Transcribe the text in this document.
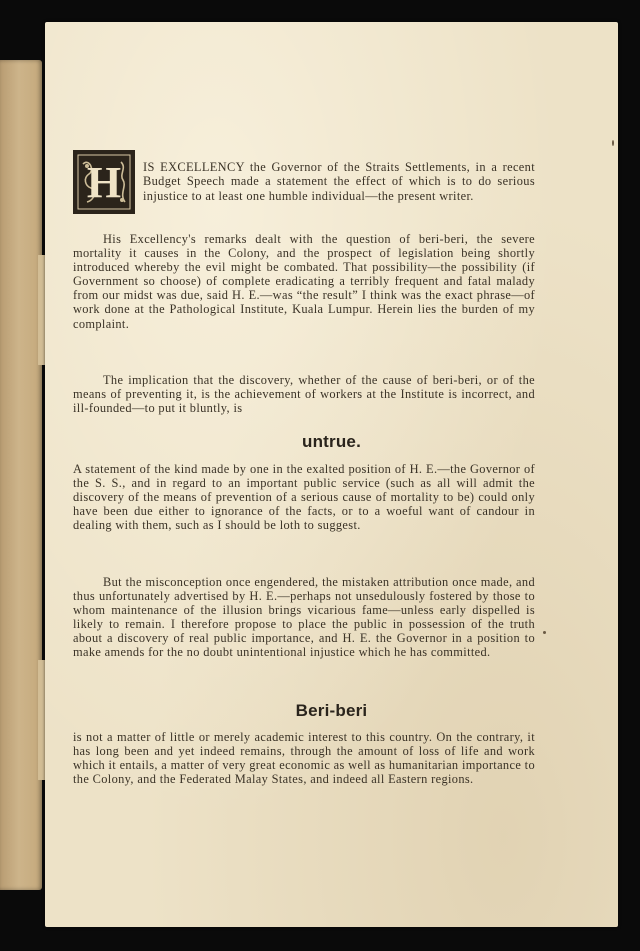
H IS EXCELLENCY the Governor of the Straits Settlements, in a recent Budget Speech made a statement the effect of which is to do serious injustice to at least one humble individual—the present writer.

His Excellency's remarks dealt with the question of beri-beri, the severe mortality it causes in the Colony, and the prospect of legislation being shortly introduced whereby the evil might be combated. That possibility—the possibility (if Government so choose) of complete eradicating a terribly frequent and fatal malady from our midst was due, said H. E.—was “the result” I think was the exact phrase—of work done at the Pathological Institute, Kuala Lumpur. Herein lies the burden of my complaint.

The implication that the discovery, whether of the cause of beri-beri, or of the means of preventing it, is the achievement of workers at the Institute is incorrect, and ill-founded—to put it bluntly, is

untrue.

A statement of the kind made by one in the exalted position of H. E.—the Governor of the S. S., and in regard to an important public service (such as all will admit the discovery of the means of prevention of a serious cause of mortality to be) could only have been due either to ignorance of the facts, or to a woeful want of candour in dealing with them, such as I should be loth to suggest.

But the misconception once engendered, the mistaken attribution once made, and thus unfortunately advertised by H. E.—perhaps not unsedulously fostered by those to whom maintenance of the illusion brings vicarious fame—unless early dispelled is likely to remain. I therefore propose to place the public in possession of the truth about a discovery of real public importance, and H. E. the Governor in a position to make amends for the no doubt unintentional injustice which he has committed.

Beri-beri

is not a matter of little or merely academic interest to this country. On the contrary, it has long been and yet indeed remains, through the amount of loss of life and work which it entails, a matter of very great economic as well as humanitarian importance to the Colony, and the Federated Malay States, and indeed all Eastern regions.
